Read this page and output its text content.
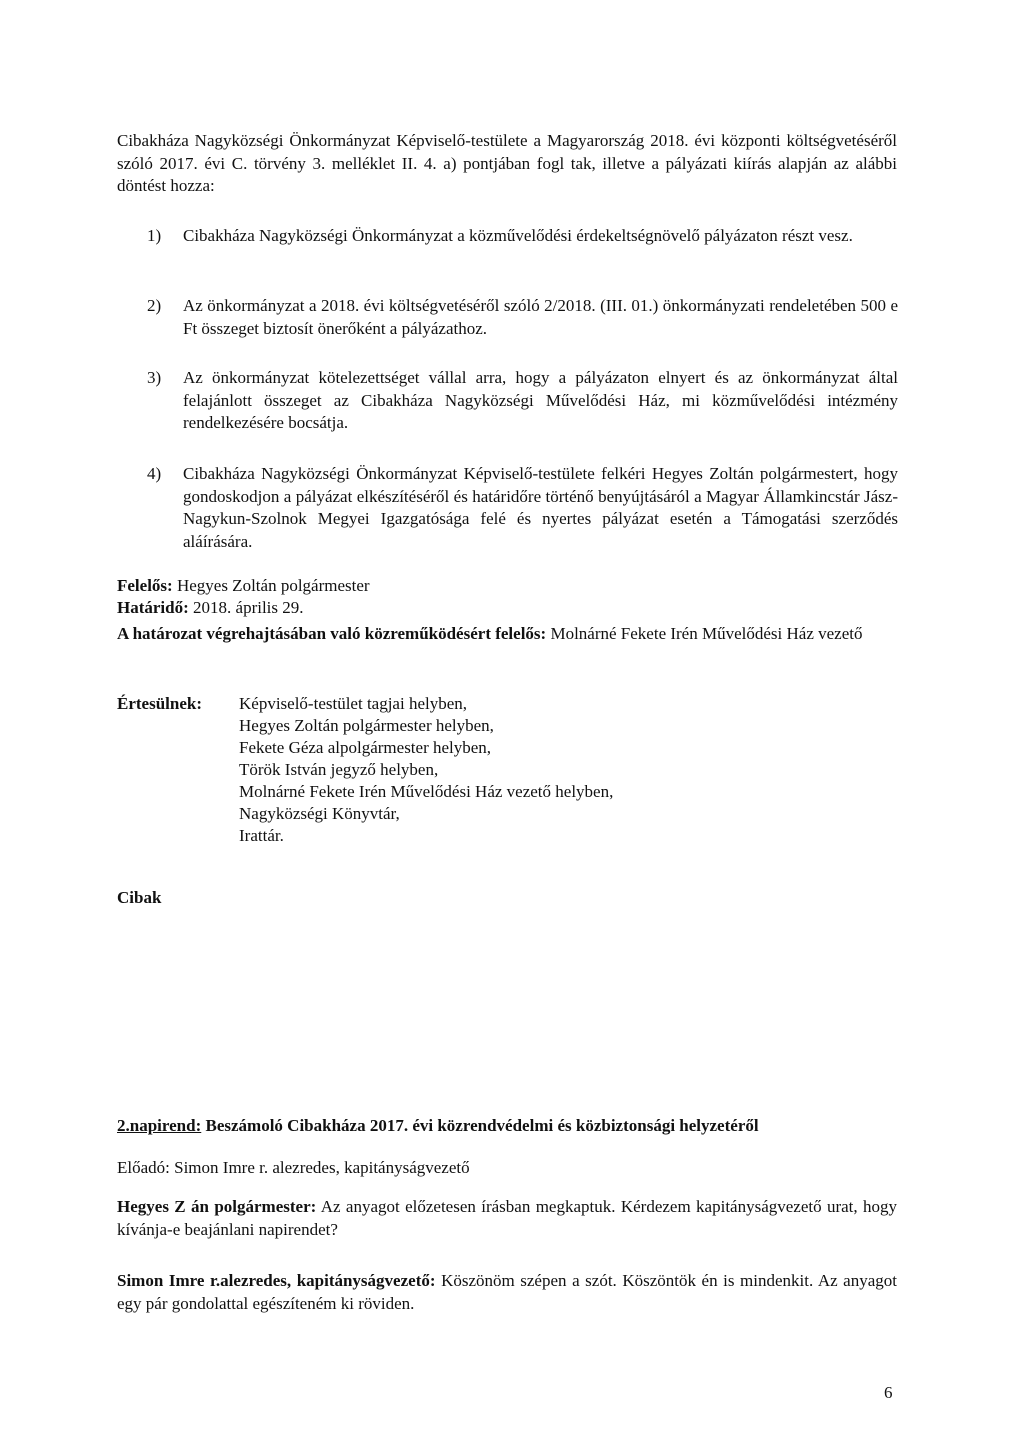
Cibakháza Nagyközségi Önkormányzat Képviselő-testülete a Magyarország 2018. évi központi költségvetéséről szóló 2017. évi C. törvény 3. melléklet II. 4. a) pontjában fogl tak, illetve a pályázati kiírás alapján az alábbi döntést hozza:

1) Cibakháza Nagyközségi Önkormányzat a közművelődési érdekeltségnövelő pályázaton részt vesz.
2) Az önkormányzat a 2018. évi költségvetéséről szóló 2/2018. (III. 01.) önkormányzati rendeletében 500 e Ft összeget biztosít önerőként a pályázathoz.
3) Az önkormányzat kötelezettséget vállal arra, hogy a pályázaton elnyert és az önkormányzat által felajánlott összeget az Cibakháza Nagyközségi Művelődési Ház, mi közművelődési intézmény rendelkezésére bocsátja.
4) Cibakháza Nagyközségi Önkormányzat Képviselő-testülete felkéri Hegyes Zoltán polgármestert, hogy gondoskodjon a pályázat elkészítéséről és határidőre történő benyújtásáról a Magyar Államkincstár Jász-Nagykun-Szolnok Megyei Igazgatósága felé és nyertes pályázat esetén a Támogatási szerződés aláírására.
Felelős: Hegyes Zoltán polgármester
Határidő: 2018. április 29.

A határozat végrehajtásában való közreműködésért felelős: Molnárné Fekete Irén Művelődési Ház vezető

Értesülnek: Képviselő-testület tagjai helyben,
Hegyes Zoltán polgármester helyben,
Fekete Géza alpolgármester helyben,
Török István jegyző helyben,
Molnárné Fekete Irén Művelődési Ház vezető helyben,
Nagyközségi Könyvtár,
Irattár.
Cibak

2.napirend: Beszámoló Cibakháza 2017. évi közrendvédelmi és közbiztonsági helyzetéről

Előadó: Simon Imre r. alezredes, kapitányságvezető

Hegyes Z án polgármester: Az anyagot előzetesen írásban megkaptuk. Kérdezem kapitányságvezető urat, hogy kívánja-e beajánlani napirendet?

Simon Imre r.alezredes, kapitányságvezető: Köszönöm szépen a szót. Köszöntök én is mindenkit. Az anyagot egy pár gondolattal egészíteném ki röviden.

6
